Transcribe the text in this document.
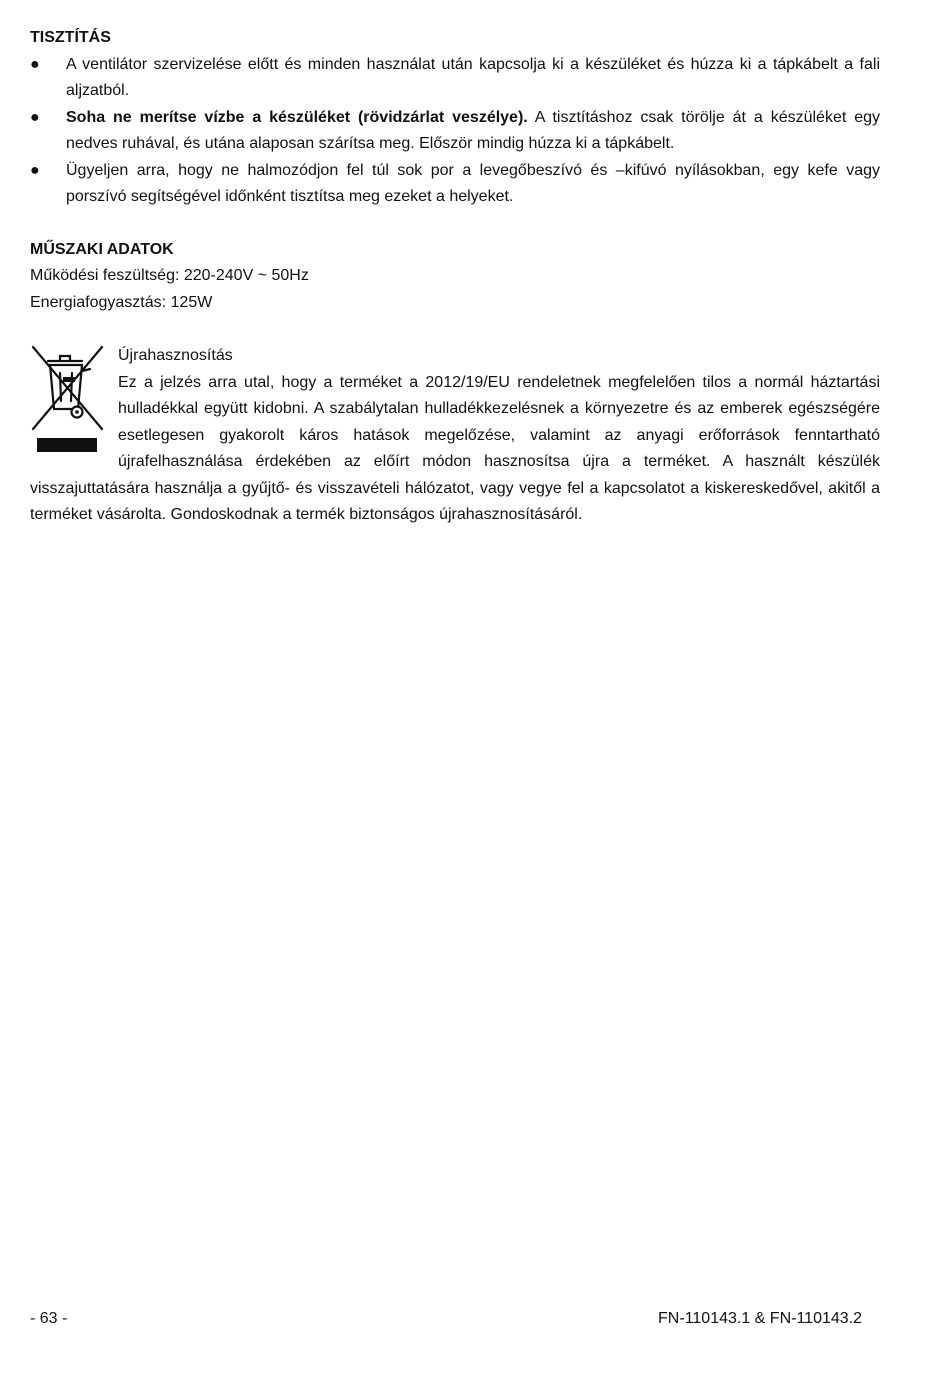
TISZTÍTÁS

● A ventilátor szervizelése előtt és minden használat után kapcsolja ki a készüléket és húzza ki a tápkábelt a fali aljzatból.
● Soha ne merítse vízbe a készüléket (rövidzárlat veszélye). A tisztításhoz csak törölje át a készüléket egy nedves ruhával, és utána alaposan szárítsa meg. Először mindig húzza ki a tápkábelt.
● Ügyeljen arra, hogy ne halmozódjon fel túl sok por a levegőbeszívó és –kifúvó nyílásokban, egy kefe vagy porszívó segítségével időnként tisztítsa meg ezeket a helyeket.

MŰSZAKI ADATOK

Működési feszültség: 220-240V ~ 50Hz

Energiafogyasztás: 125W

Újrahasznosítás

Ez a jelzés arra utal, hogy a terméket a 2012/19/EU rendeletnek megfelelően tilos a normál háztartási hulladékkal együtt kidobni. A szabálytalan hulladékkezelésnek a környezetre és az emberek egészségére esetlegesen gyakorolt káros hatások megelőzése, valamint az anyagi erőforrások fenntartható újrafelhasználása érdekében az előírt módon hasznosítsa újra a terméket. A használt készülék visszajuttatására használja a gyűjtő- és visszavételi hálózatot, vagy vegye fel a kapcsolatot a kiskereskedővel, akitől a terméket vásárolta. Gondoskodnak a termék biztonságos újrahasznosításáról.

- 63 -	FN-110143.1 & FN-110143.2
